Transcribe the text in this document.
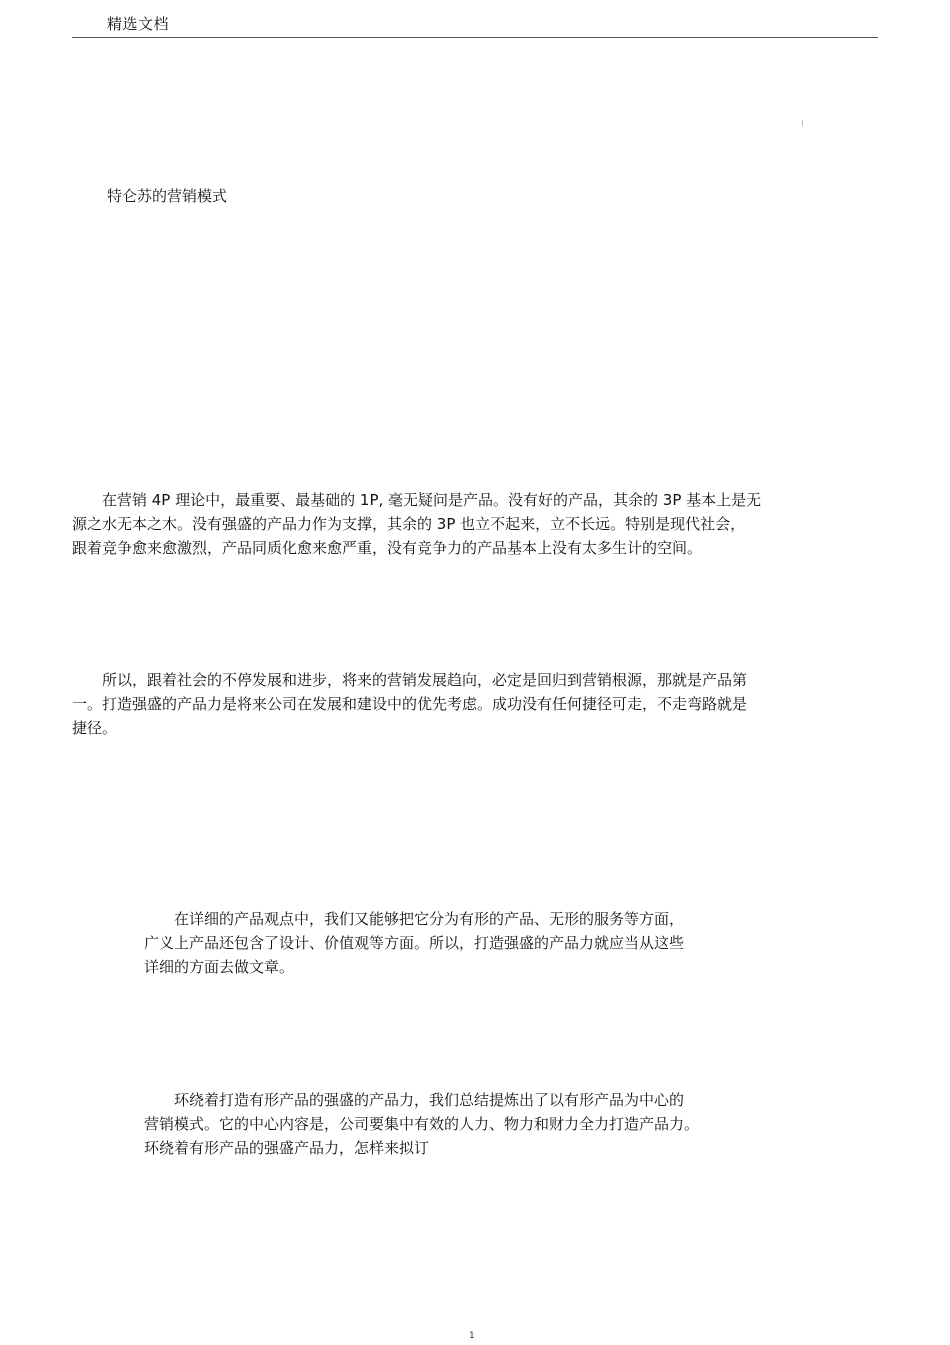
精选文档
特仑苏的营销模式
　　在营销 4P 理论中，最重要、最基础的 1P, 毫无疑问是产品。没有好的产品，其余的 3P 基本上是无
源之水无本之木。没有强盛的产品力作为支撑，其余的 3P 也立不起来，立不长远。特别是现代社会，
跟着竞争愈来愈激烈，产品同质化愈来愈严重，没有竞争力的产品基本上没有太多生计的空间。
　　所以，跟着社会的不停发展和进步，将来的营销发展趋向，必定是回归到营销根源，那就是产品第
一。打造强盛的产品力是将来公司在发展和建设中的优先考虑。成功没有任何捷径可走，不走弯路就是
捷径。
　　在详细的产品观点中，我们又能够把它分为有形的产品、无形的服务等方面，
广义上产品还包含了设计、价值观等方面。所以，打造强盛的产品力就应当从这些
详细的方面去做文章。
　　环绕着打造有形产品的强盛的产品力，我们总结提炼出了以有形产品为中心的
营销模式。它的中心内容是，公司要集中有效的人力、物力和财力全力打造产品力。
环绕着有形产品的强盛产品力，怎样来拟订
1
